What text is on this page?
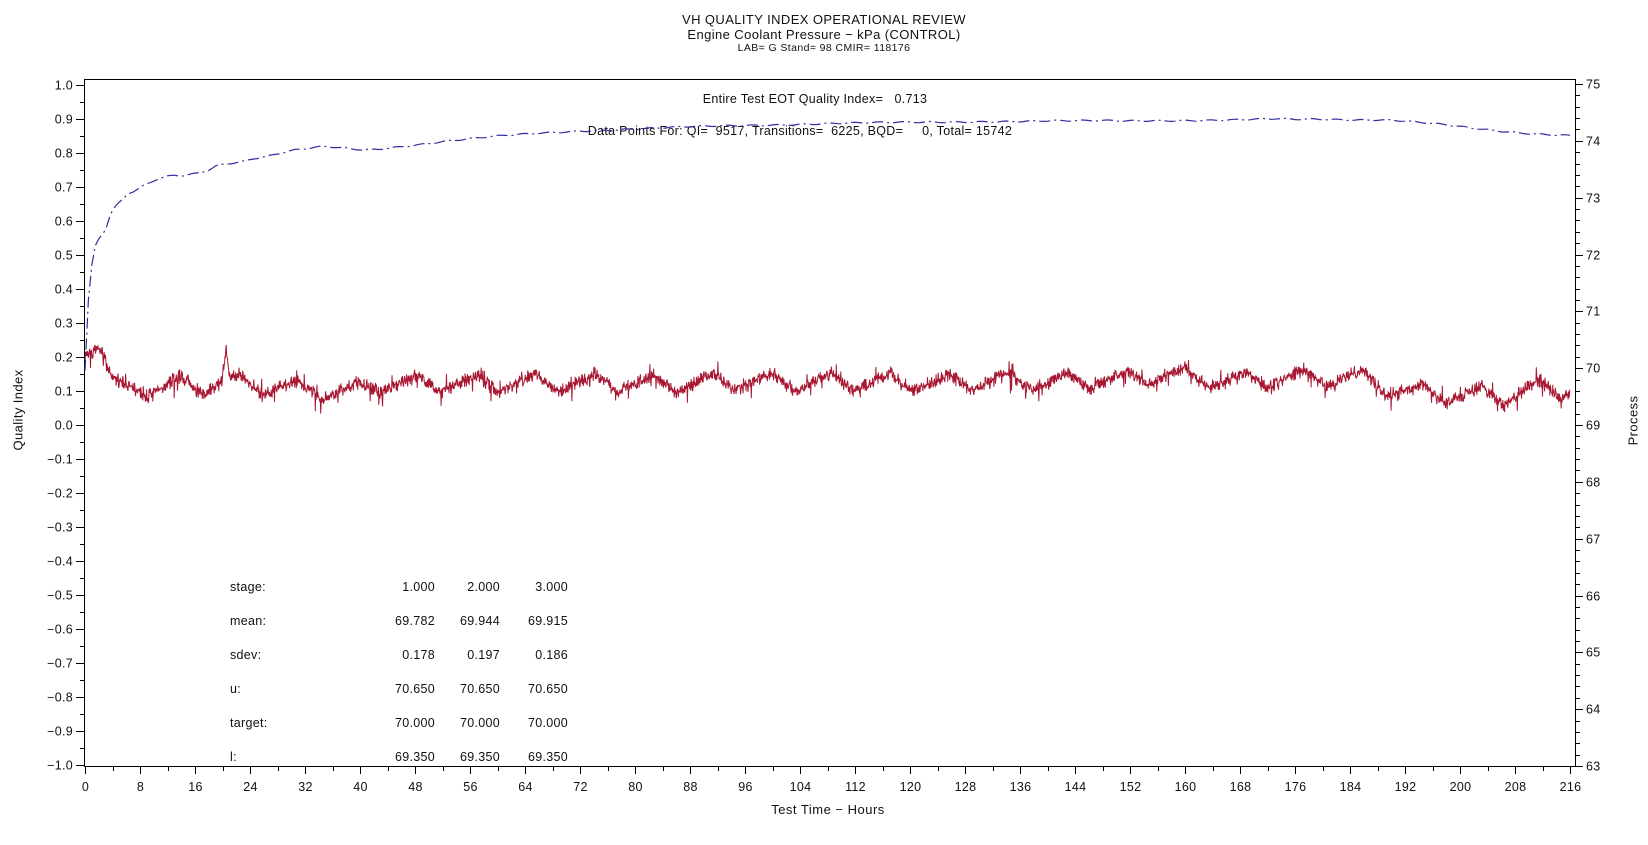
VH QUALITY INDEX OPERATIONAL REVIEW
Engine Coolant Pressure − kPa (CONTROL)
LAB= G Stand= 98 CMIR= 118176
Entire Test EOT Quality Index=   0.713
Data Points For: QI=  9517, Transitions=  6225, BQD=     0, Total= 15742
Quality Index	Process
Test Time − Hours
stage:	1.000	2.000	3.000
mean:	69.782	69.944	69.915
sdev:	0.178	0.197	0.186
u:	70.650	70.650	70.650
target:	70.000	70.000	70.000
l:	69.350	69.350	69.350
1.0
0.9
0.8
0.7
0.6
0.5
0.4
0.3
0.2
0.1
0.0
−0.1
−0.2
−0.3
−0.4
−0.5
−0.6
−0.7
−0.8
−0.9
−1.0
75
74
73
72
71
70
69
68
67
66
65
64
63
0	8	16	24	32	40	48	56	64	72	80	88	96	104	112	120	128	136	144	152	160	168	176	184	192	200	208	216
